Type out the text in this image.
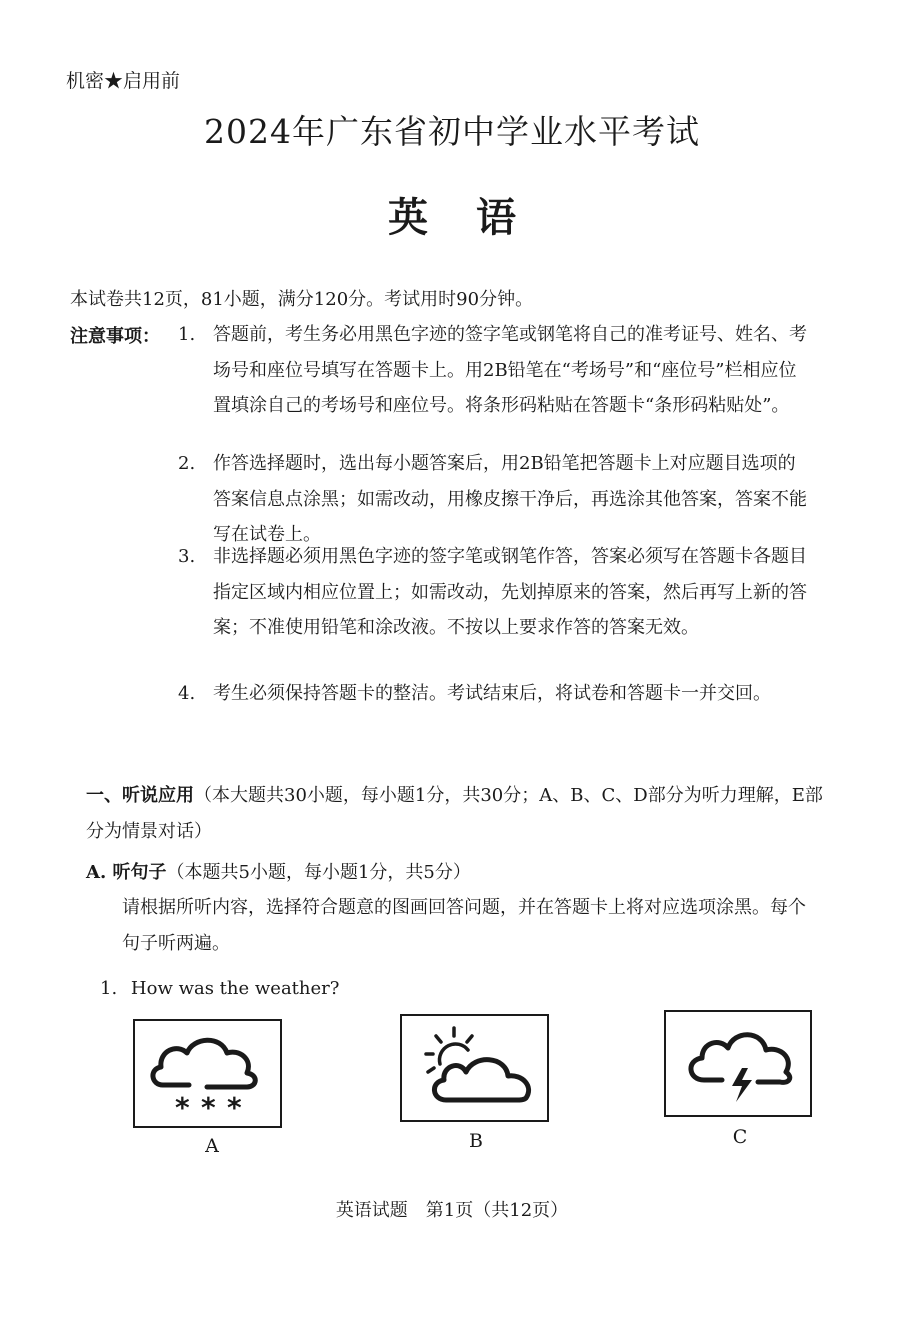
机密★启用前
2024年广东省初中学业水平考试
英语
本试卷共12页，81小题，满分120分。考试用时90分钟。
注意事项： 1. 答题前，考生务必用黑色字迹的签字笔或钢笔将自己的准考证号、姓名、考场号和座位号填写在答题卡上。用2B铅笔在“考场号”和“座位号”栏相应位置填涂自己的考场号和座位号。将条形码粘贴在答题卡“条形码粘贴处”。
2. 作答选择题时，选出每小题答案后，用2B铅笔把答题卡上对应题目选项的答案信息点涂黑；如需改动，用橡皮擦干净后，再选涂其他答案，答案不能写在试卷上。
3. 非选择题必须用黑色字迹的签字笔或钢笔作答，答案必须写在答题卡各题目指定区域内相应位置上；如需改动，先划掉原来的答案，然后再写上新的答案；不准使用铅笔和涂改液。不按以上要求作答的答案无效。
4. 考生必须保持答题卡的整洁。考试结束后，将试卷和答题卡一并交回。
一、听说应用（本大题共30小题，每小题1分，共30分；A、B、C、D部分为听力理解，E部分为情景对话）
A. 听句子（本题共5小题，每小题1分，共5分）
请根据所听内容，选择符合题意的图画回答问题，并在答题卡上将对应选项涂黑。每个句子听两遍。
1. How was the weather?
* * *
A	B	C
英语试题　第1页（共12页）
